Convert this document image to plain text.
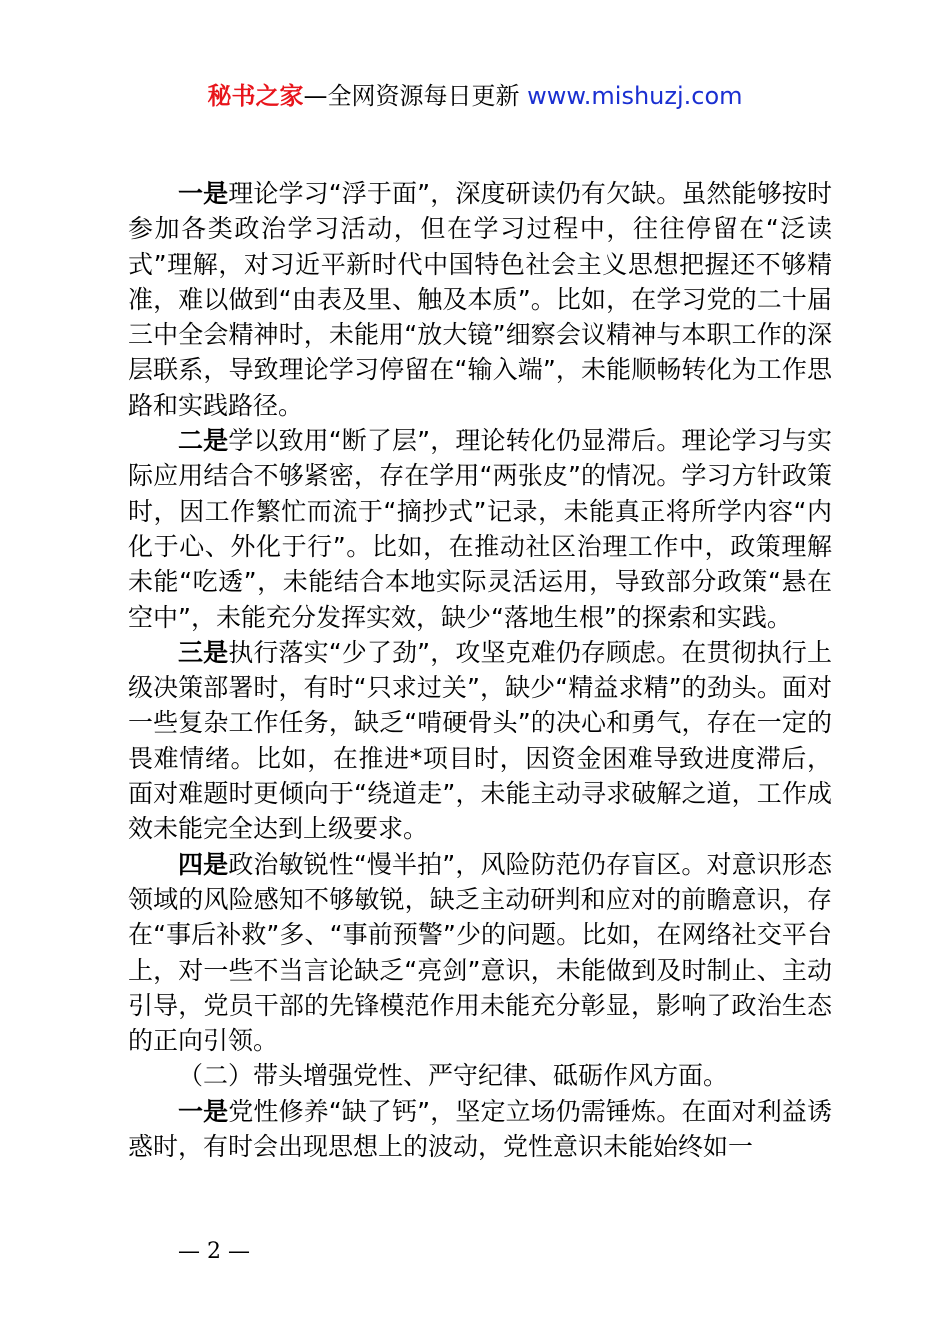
秘书之家—全网资源每日更新 www.mishuzj.com

一是理论学习“浮于面”，深度研读仍有欠缺。虽然能够按时参加各类政治学习活动，但在学习过程中，往往停留在“泛读式”理解，对习近平新时代中国特色社会主义思想把握还不够精准，难以做到“由表及里、触及本质”。比如，在学习党的二十届三中全会精神时，未能用“放大镜”细察会议精神与本职工作的深层联系，导致理论学习停留在“输入端”，未能顺畅转化为工作思路和实践路径。

二是学以致用“断了层”，理论转化仍显滞后。理论学习与实际应用结合不够紧密，存在学用“两张皮”的情况。学习方针政策时，因工作繁忙而流于“摘抄式”记录，未能真正将所学内容“内化于心、外化于行”。比如，在推动社区治理工作中，政策理解未能“吃透”，未能结合本地实际灵活运用，导致部分政策“悬在空中”，未能充分发挥实效，缺少“落地生根”的探索和实践。

三是执行落实“少了劲”，攻坚克难仍存顾虑。在贯彻执行上级决策部署时，有时“只求过关”，缺少“精益求精”的劲头。面对一些复杂工作任务，缺乏“啃硬骨头”的决心和勇气，存在一定的畏难情绪。比如，在推进*项目时，因资金困难导致进度滞后，面对难题时更倾向于“绕道走”，未能主动寻求破解之道，工作成效未能完全达到上级要求。

四是政治敏锐性“慢半拍”，风险防范仍存盲区。对意识形态领域的风险感知不够敏锐，缺乏主动研判和应对的前瞻意识，存在“事后补救”多、“事前预警”少的问题。比如，在网络社交平台上，对一些不当言论缺乏“亮剑”意识，未能做到及时制止、主动引导，党员干部的先锋模范作用未能充分彰显，影响了政治生态的正向引领。

（二）带头增强党性、严守纪律、砥砺作风方面。

一是党性修养“缺了钙”，坚定立场仍需锤炼。在面对利益诱惑时，有时会出现思想上的波动，党性意识未能始终如一

— 2 —
